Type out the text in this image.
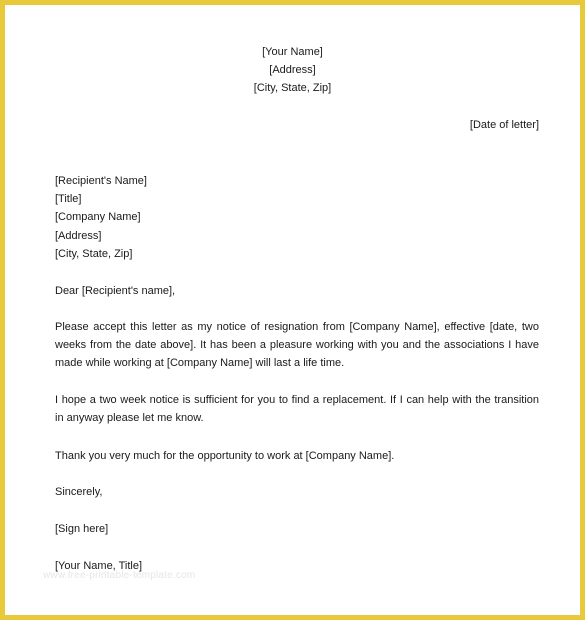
[Your Name]
[Address]
[City, State, Zip]
[Date of letter]
[Recipient's Name]
[Title]
[Company Name]
[Address]
[City, State, Zip]
Dear [Recipient's name],
Please accept this letter as my notice of resignation from [Company Name], effective [date, two weeks from the date above]. It has been a pleasure working with you and the associations I have made while working at [Company Name] will last a life time.
I hope a two week notice is sufficient for you to find a replacement. If I can help with the transition in anyway please let me know.
Thank you very much for the opportunity to work at [Company Name].
Sincerely,
[Sign here]
[Your Name, Title]
www.free-printable-template.com
